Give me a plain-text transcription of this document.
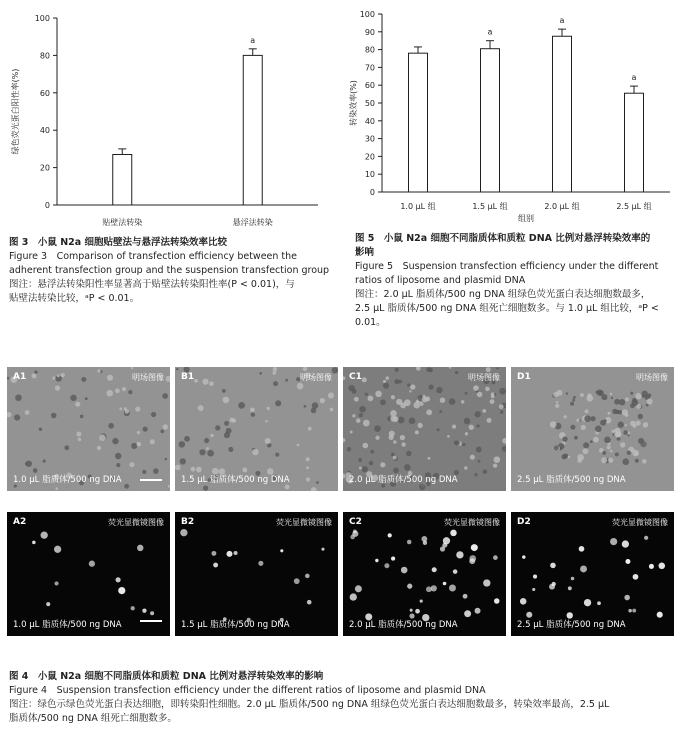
0
20
40
60
80
100
贴壁法转染
a
悬浮法转染
绿色荧光蛋白阳性率(%)
图 3　小鼠 N2a 细胞贴壁法与悬浮法转染效率比较
Figure 3　Comparison of transfection efficiency between the
adherent transfection group and the suspension transfection group
图注：悬浮法转染阳性率显著高于贴壁法转染阳性率(P < 0.01)，与
贴壁法转染比较，ᵃP < 0.01。
0
10
20
30
40
50
60
70
80
90
100
1.0 μL 组
a
1.5 μL 组
a
2.0 μL 组
a
2.5 μL 组
转染效率(%)
组别
图 5　小鼠 N2a 细胞不同脂质体和质粒 DNA 比例对悬浮转染效率的
影响
Figure 5　Suspension transfection efficiency under the different
ratios of liposome and plasmid DNA
图注：2.0 μL 脂质体/500 ng DNA 组绿色荧光蛋白表达细胞数最多，
2.5 μL 脂质体/500 ng DNA 组死亡细胞数多。与 1.0 μL 组比较，ᵃP <
0.01。
A1	明场图像
1.0 μL 脂质体/500 ng DNA
B1	明场图像
1.5 μL 脂质体/500 ng DNA
C1	明场图像
2.0 μL 脂质体/500 ng DNA
D1	明场图像
2.5 μL 脂质体/500 ng DNA
A2	荧光显微镜图像
1.0 μL 脂质体/500 ng DNA
B2	荧光显微镜图像
1.5 μL 脂质体/500 ng DNA
C2	荧光显微镜图像
2.0 μL 脂质体/500 ng DNA
D2	荧光显微镜图像
2.5 μL 脂质体/500 ng DNA
图 4　小鼠 N2a 细胞不同脂质体和质粒 DNA 比例对悬浮转染效率的影响
Figure 4　Suspension transfection efficiency under the different ratios of liposome and plasmid DNA
图注：绿色示绿色荧光蛋白表达细胞，即转染阳性细胞。2.0 μL 脂质体/500 ng DNA 组绿色荧光蛋白表达细胞数最多，转染效率最高，2.5 μL
脂质体/500 ng DNA 组死亡细胞数多。
